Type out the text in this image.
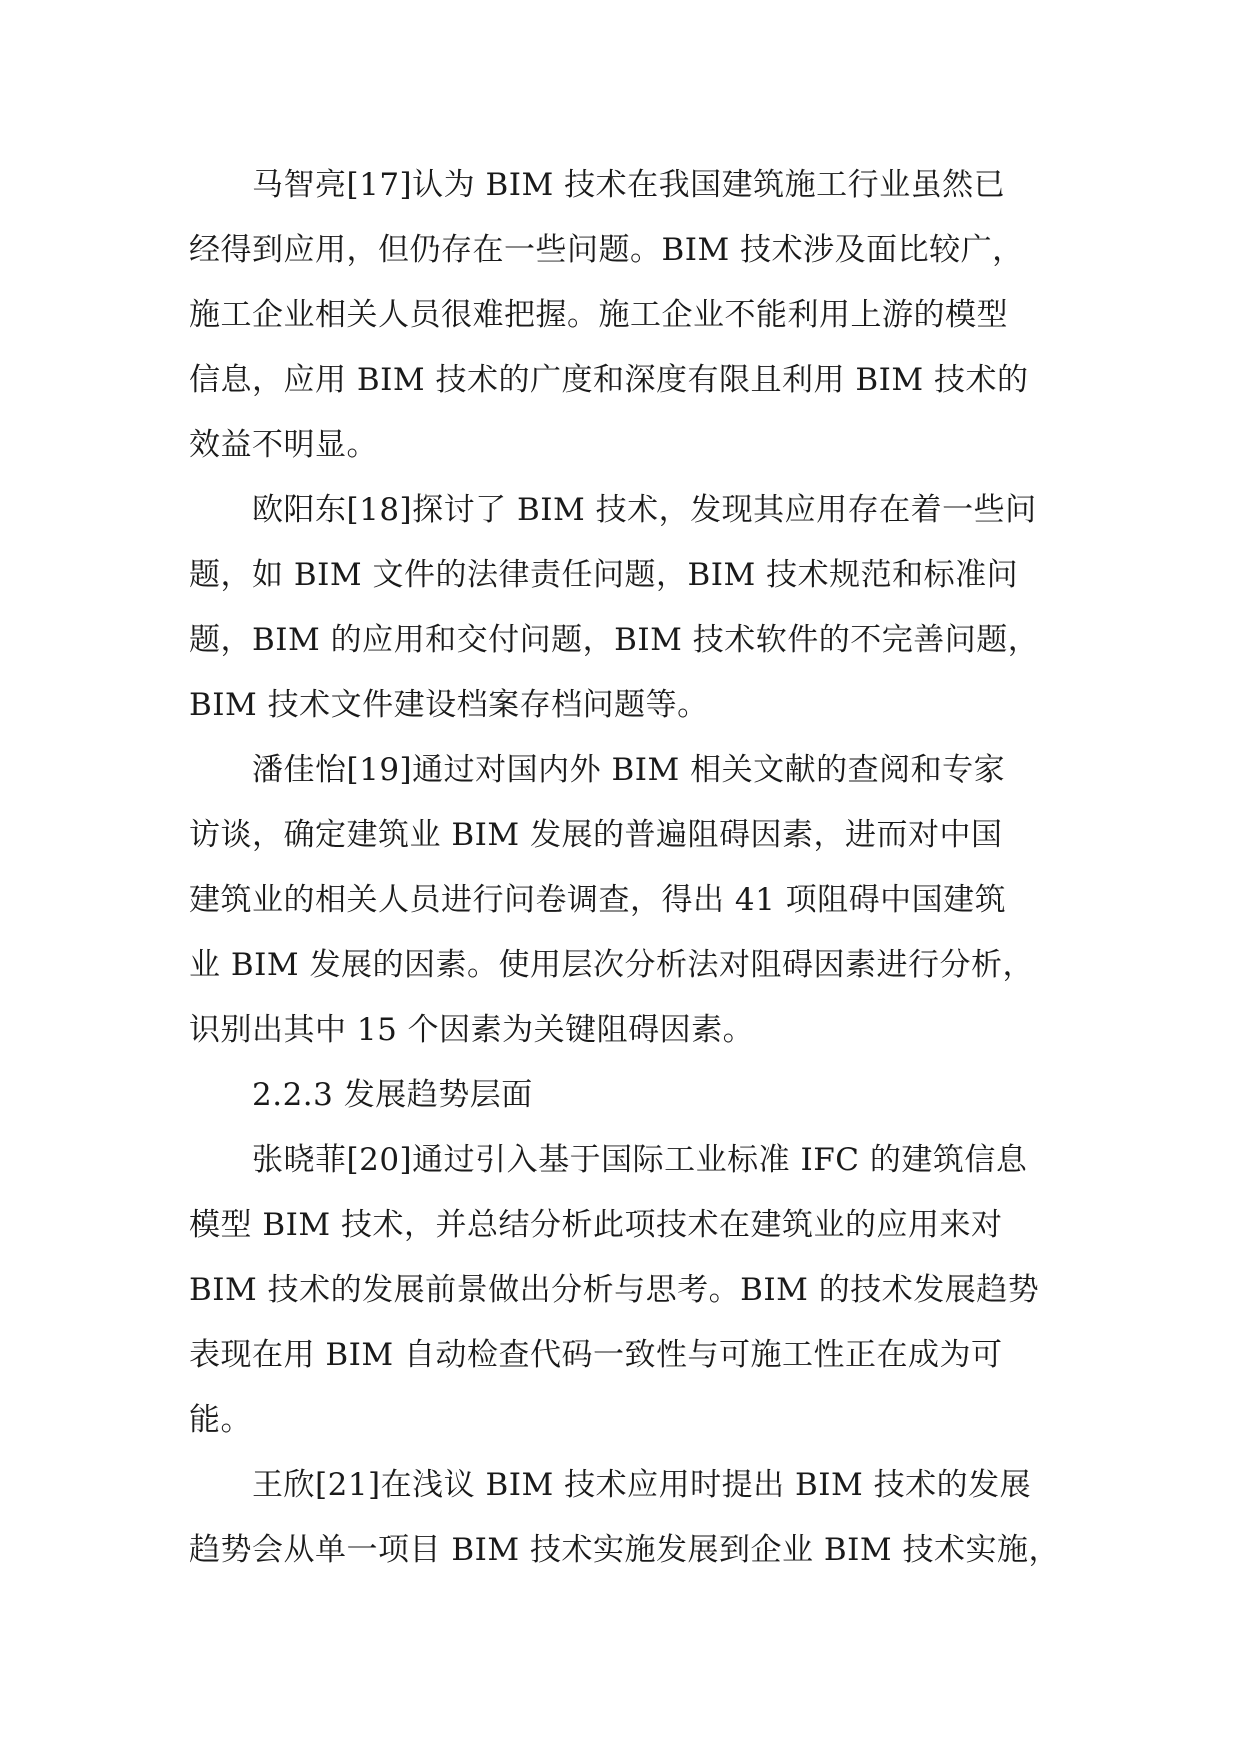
马智亮[17]认为 BIM 技术在我国建筑施工行业虽然已
经得到应用，但仍存在一些问题。BIM 技术涉及面比较广，
施工企业相关人员很难把握。施工企业不能利用上游的模型
信息，应用 BIM 技术的广度和深度有限且利用 BIM 技术的
效益不明显。
欧阳东[18]探讨了 BIM 技术，发现其应用存在着一些问
题，如 BIM 文件的法律责任问题，BIM 技术规范和标准问
题，BIM 的应用和交付问题，BIM 技术软件的不完善问题，
BIM 技术文件建设档案存档问题等。
潘佳怡[19]通过对国内外 BIM 相关文献的查阅和专家
访谈，确定建筑业 BIM 发展的普遍阻碍因素，进而对中国
建筑业的相关人员进行问卷调查，得出 41 项阻碍中国建筑
业 BIM 发展的因素。使用层次分析法对阻碍因素进行分析，
识别出其中 15 个因素为关键阻碍因素。
2.2.3 发展趋势层面
张晓菲[20]通过引入基于国际工业标准 IFC 的建筑信息
模型 BIM 技术，并总结分析此项技术在建筑业的应用来对
BIM 技术的发展前景做出分析与思考。BIM 的技术发展趋势
表现在用 BIM 自动检查代码一致性与可施工性正在成为可
能。
王欣[21]在浅议 BIM 技术应用时提出 BIM 技术的发展
趋势会从单一项目 BIM 技术实施发展到企业 BIM 技术实施，
